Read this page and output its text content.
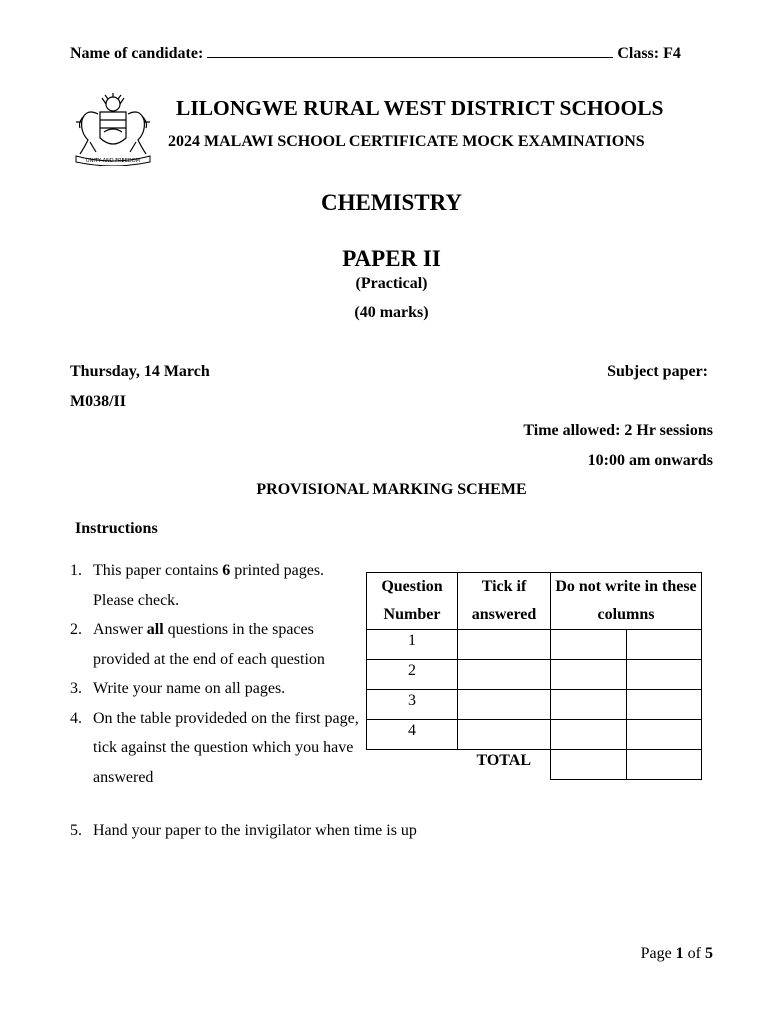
Name of candidate:	Class: F4
UNITY AND FREEDOM
LILONGWE RURAL WEST DISTRICT SCHOOLS
2024 MALAWI SCHOOL CERTIFICATE MOCK EXAMINATIONS
CHEMISTRY
PAPER II
(Practical)
(40 marks)
Thursday, 14 March	Subject paper:
M038/II
Time allowed: 2 Hr sessions
10:00 am onwards
PROVISIONAL MARKING SCHEME
Instructions
1. This paper contains 6 printed pages. Please check.
2. Answer all questions in the spaces provided at the end of each question
3. Write your name on all pages.
4. On the table provideded on the first page, tick against the question which you have answered
5. Hand your paper to the invigilator when time is up
Question Number	Tick if answered	Do not write in these columns	
1			
2			
3			
4			
	TOTAL		
Page 1 of 5
